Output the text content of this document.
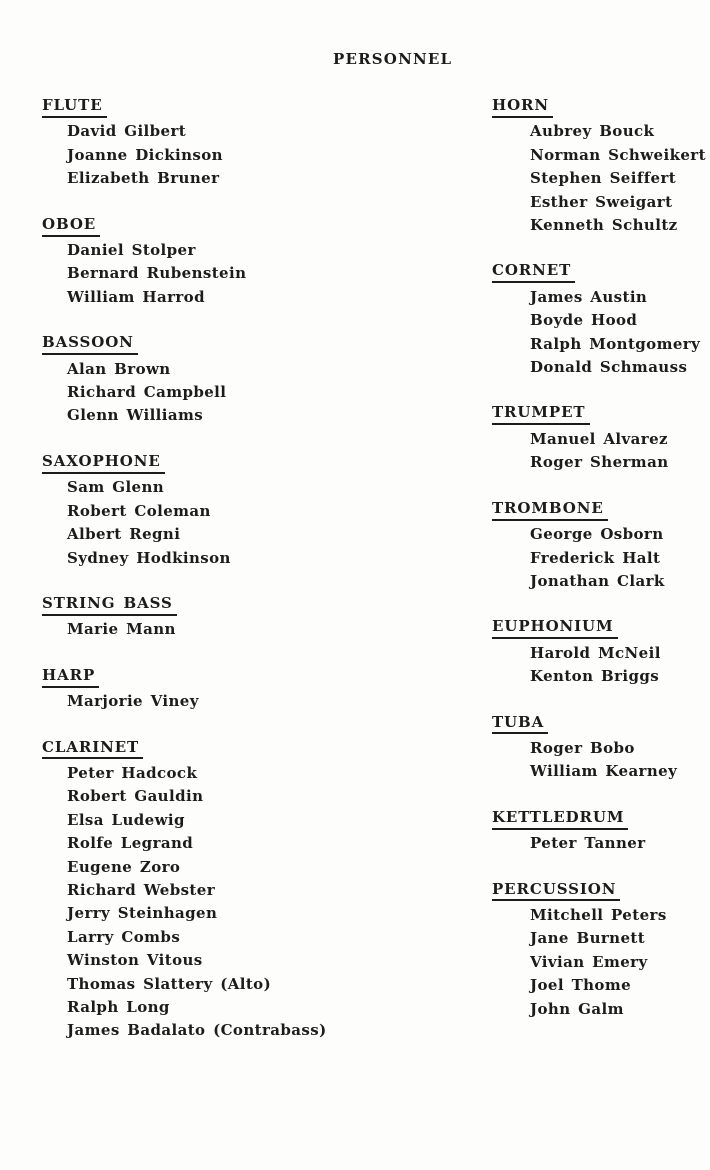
PERSONNEL
FLUTE
David Gilbert
Joanne Dickinson
Elizabeth Bruner
OBOE
Daniel Stolper
Bernard Rubenstein
William Harrod
BASSOON
Alan Brown
Richard Campbell
Glenn Williams
SAXOPHONE
Sam Glenn
Robert Coleman
Albert Regni
Sydney Hodkinson
STRING BASS
Marie Mann
HARP
Marjorie Viney
CLARINET
Peter Hadcock
Robert Gauldin
Elsa Ludewig
Rolfe Legrand
Eugene Zoro
Richard Webster
Jerry Steinhagen
Larry Combs
Winston Vitous
Thomas Slattery (Alto)
Ralph Long
James Badalato (Contrabass)
HORN
Aubrey Bouck
Norman Schweikert
Stephen Seiffert
Esther Sweigart
Kenneth Schultz
CORNET
James Austin
Boyde Hood
Ralph Montgomery
Donald Schmauss
TRUMPET
Manuel Alvarez
Roger Sherman
TROMBONE
George Osborn
Frederick Halt
Jonathan Clark
EUPHONIUM
Harold McNeil
Kenton Briggs
TUBA
Roger Bobo
William Kearney
KETTLEDRUM
Peter Tanner
PERCUSSION
Mitchell Peters
Jane Burnett
Vivian Emery
Joel Thome
John Galm
